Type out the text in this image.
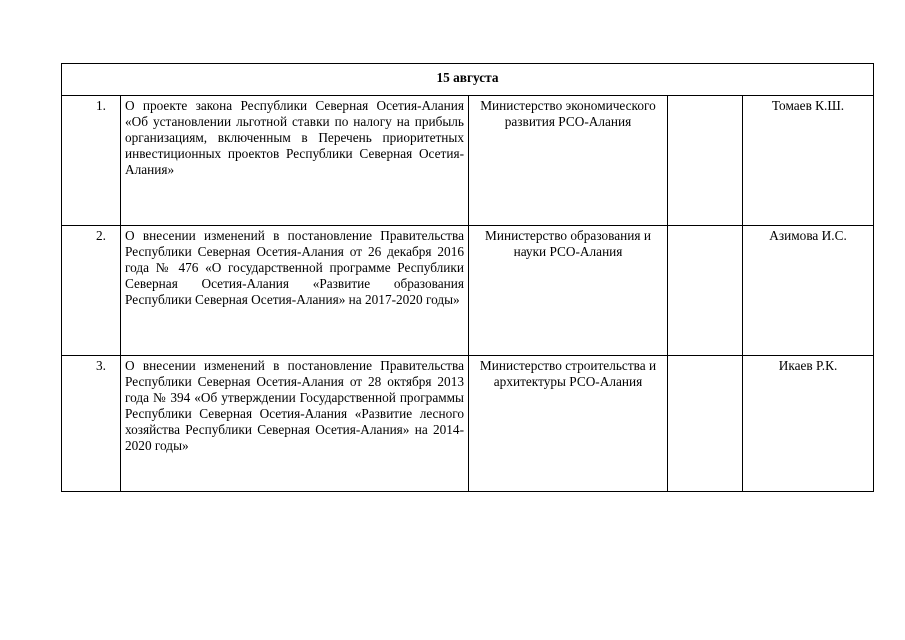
15 августа				
1.	О проекте закона Республики Северная Осетия-Алания «Об установлении льготной ставки по налогу на прибыль организациям, включенным в Перечень приоритетных инвестиционных проектов Республики Северная Осетия-Алания»	Министерство экономического развития РСО-Алания		Томаев К.Ш.
2.	О внесении изменений в постановление Правительства Республики Северная Осетия-Алания от 26 декабря 2016 года № 476 «О государственной программе Республики Северная Осетия-Алания «Развитие образования Республики Северная Осетия-Алания» на 2017-2020 годы»	Министерство образования и науки РСО-Алания		Азимова И.С.
3.	О внесении изменений в постановление Правительства Республики Северная Осетия-Алания от 28 октября 2013 года № 394 «Об утверждении Государственной программы Республики Северная Осетия-Алания «Развитие лесного хозяйства Республики Северная Осетия-Алания» на 2014-2020 годы»	Министерство строительства и архитектуры РСО-Алания		Икаев Р.К.
